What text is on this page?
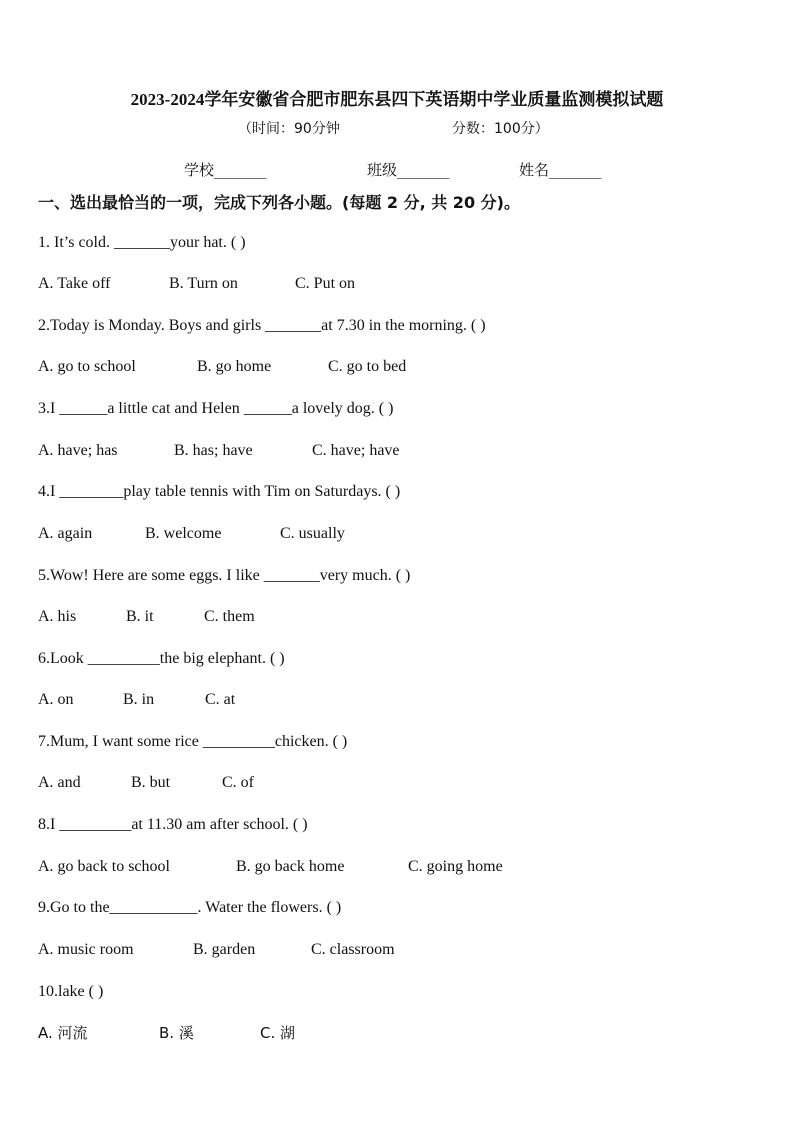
2023-2024学年安徽省合肥市肥东县四下英语期中学业质量监测模拟试题
（时间：90分钟	分数：100分）
学校_______	班级_______	姓名_______
一、选出最恰当的一项，完成下列各小题。(每题 2 分, 共 20 分)。
1. It’s cold. _______your hat. ( )
A. Take off	B. Turn on	C. Put on
2.Today is Monday. Boys and girls _______at 7.30 in the morning. ( )
A. go to school	B. go home	C. go to bed
3.I ______a little cat and Helen ______a lovely dog. ( )
A. have; has	B. has; have	C. have; have
4.I ________play table tennis with Tim on Saturdays. ( )
A. again	B. welcome	C. usually
5.Wow! Here are some eggs. I like _______very much. ( )
A. his	B. it	C. them
6.Look _________the big elephant. ( )
A. on	B. in	C. at
7.Mum, I want some rice _________chicken. ( )
A. and	B. but	C. of
8.I _________at 11.30 am after school. ( )
A. go back to school	B. go back home	C. going home
9.Go to the___________. Water the flowers. ( )
A. music room	B. garden	C. classroom
10.lake ( )
A. 河流	B. 溪	C. 湖
